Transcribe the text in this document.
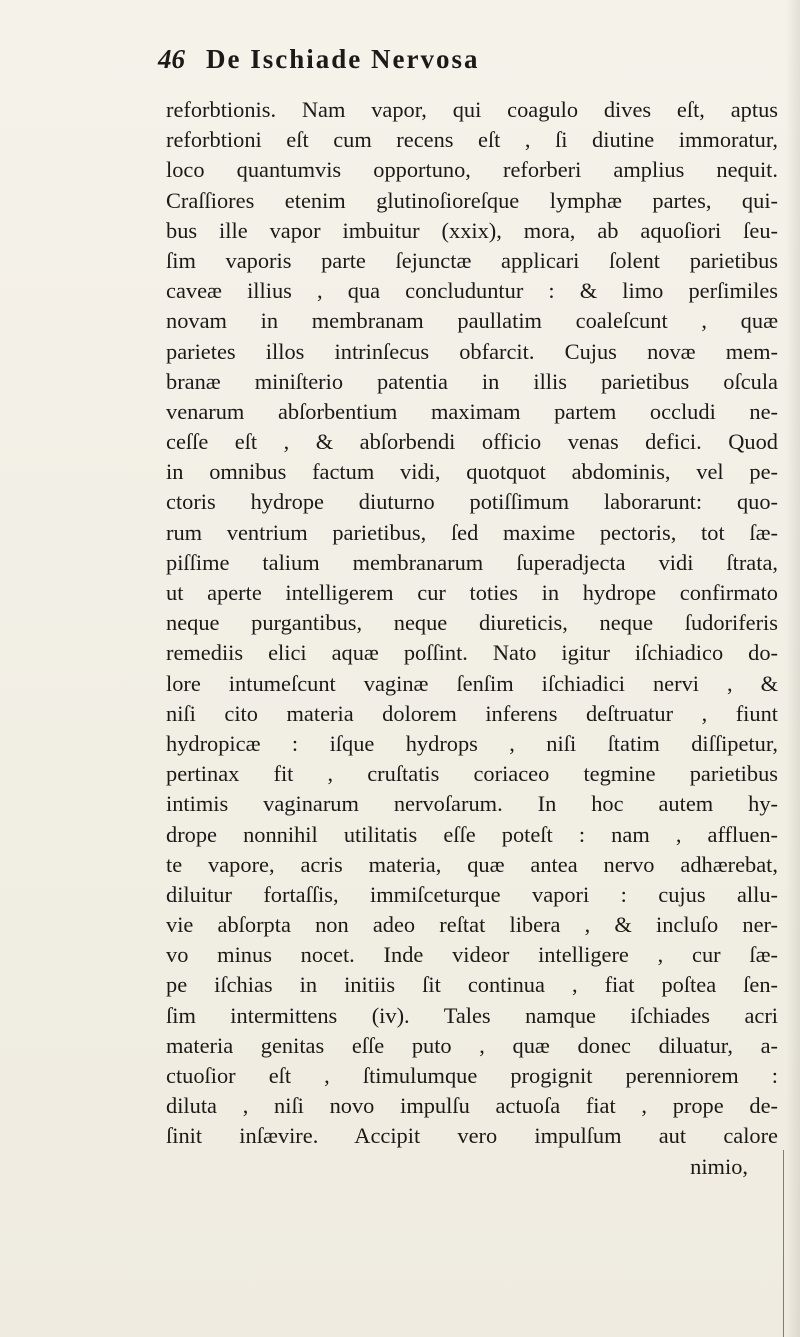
46 De Ischiade Nervosa
reforbtionis. Nam vapor, qui coagulo dives eſt, aptus
reforbtioni eſt cum recens eſt , ſi diutine immoratur,
loco quantumvis opportuno, reforberi amplius nequit.
Craſſiores etenim glutinoſioreſque lymphæ partes, qui-
bus ille vapor imbuitur (xxix), mora, ab aquoſiori ſeu-
ſim vaporis parte ſejunctæ applicari ſolent parietibus
caveæ illius , qua concluduntur : & limo perſimiles
novam in membranam paullatim coaleſcunt , quæ
parietes illos intrinſecus obfarcit. Cujus novæ mem-
branæ miniſterio patentia in illis parietibus oſcula
venarum abſorbentium maximam partem occludi ne-
ceſſe eſt , & abſorbendi officio venas defici. Quod
in omnibus factum vidi, quotquot abdominis, vel pe-
ctoris hydrope diuturno potiſſimum laborarunt: quo-
rum ventrium parietibus, ſed maxime pectoris, tot ſæ-
piſſime talium membranarum ſuperadjecta vidi ſtrata,
ut aperte intelligerem cur toties in hydrope confirmato
neque purgantibus, neque diureticis, neque ſudoriferis
remediis elici aquæ poſſint. Nato igitur iſchiadico do-
lore intumeſcunt vaginæ ſenſim iſchiadici nervi , &
niſi cito materia dolorem inferens deſtruatur , fiunt
hydropicæ : iſque hydrops , niſi ſtatim diſſipetur,
pertinax fit , cruſtatis coriaceo tegmine parietibus
intimis vaginarum nervoſarum. In hoc autem hy-
drope nonnihil utilitatis eſſe poteſt : nam , affluen-
te vapore, acris materia, quæ antea nervo adhærebat,
diluitur fortaſſis, immiſceturque vapori : cujus allu-
vie abſorpta non adeo reſtat libera , & incluſo ner-
vo minus nocet. Inde videor intelligere , cur ſæ-
pe iſchias in initiis ſit continua , fiat poſtea ſen-
ſim intermittens (iv). Tales namque iſchiades acri
materia genitas eſſe puto , quæ donec diluatur, a-
ctuoſior eſt , ſtimulumque progignit perenniorem :
diluta , niſi novo impulſu actuoſa fiat , prope de-
ſinit inſævire. Accipit vero impulſum aut calore
nimio,
